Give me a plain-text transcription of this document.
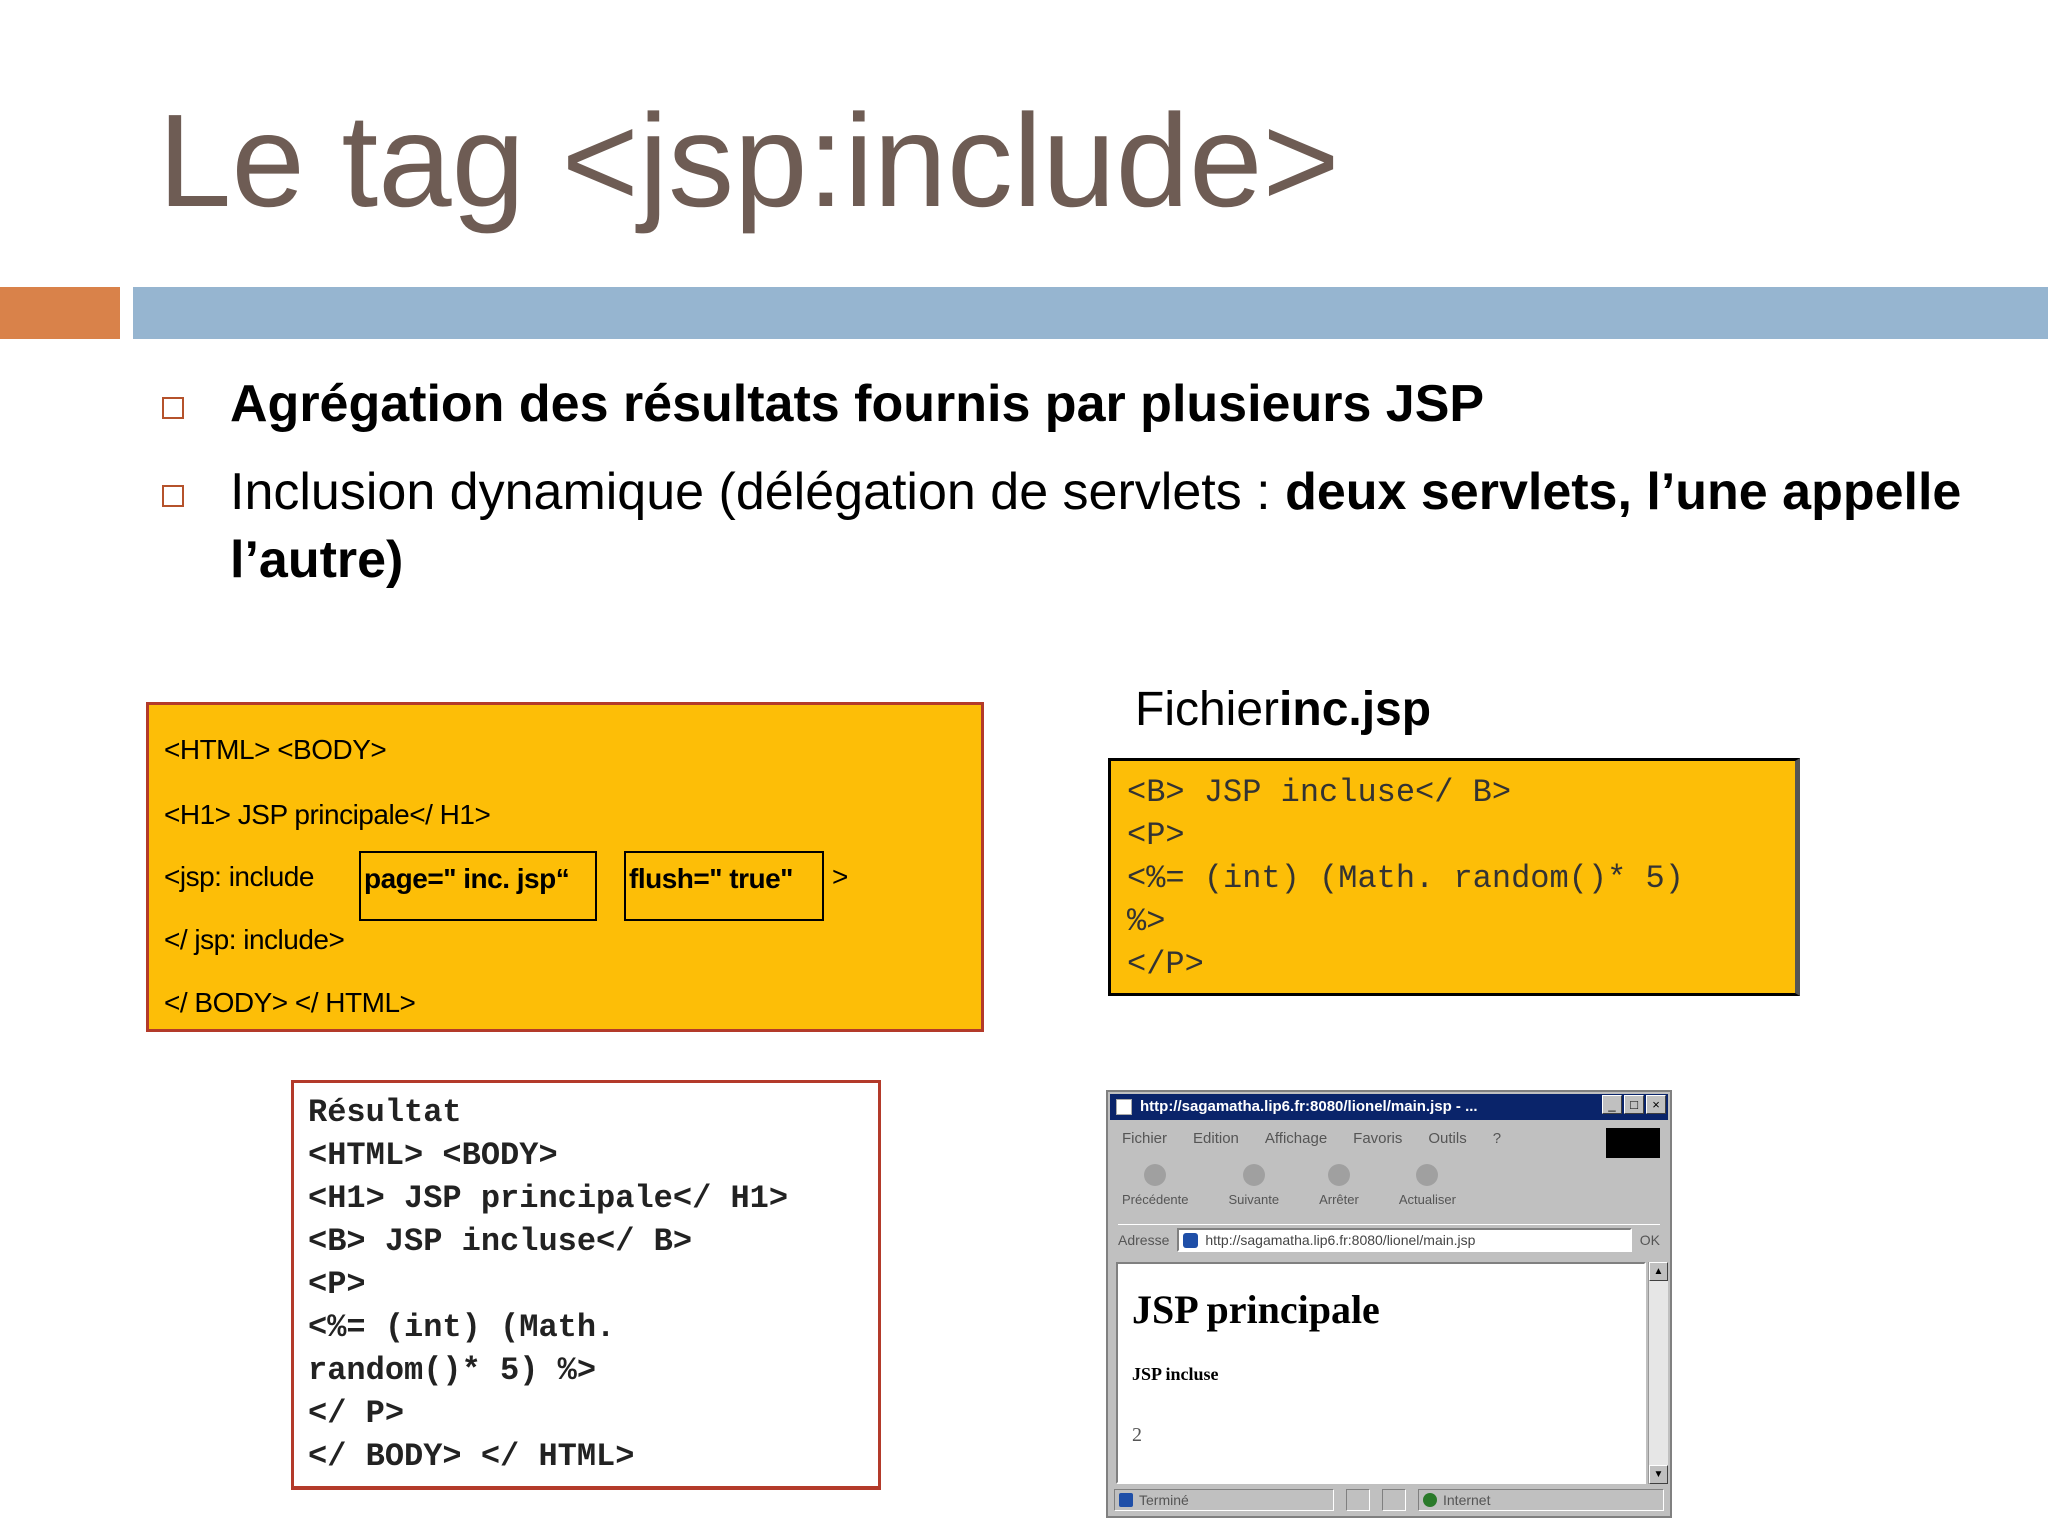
Le tag <jsp:include>
Agrégation des résultats fournis par plusieurs JSP
Inclusion dynamique (délégation de servlets : deux servlets, l’une appelle l’autre)
<HTML> <BODY>
<H1> JSP principale</ H1>
<jsp: include page=" inc. jsp“	flush=" true"	>
</ jsp: include>
</ BODY> </ HTML>
Fichierinc.jsp
<B> JSP incluse</ B>
<P>
<%= (int) (Math. random()* 5)
%>
</P>
Résultat
<HTML> <BODY>
<H1> JSP principale</ H1>
<B> JSP incluse</ B>
<P>
<%= (int) (Math.
random()* 5) %>
</ P>
</ BODY> </ HTML>
http://sagamatha.lip6.fr:8080/lionel/main.jsp - ...	_	□	×
Fichier Edition Affichage Favoris Outils ?
Précédente	Suivante	Arrêter	Actualiser
Adresse	http://sagamatha.lip6.fr:8080/lionel/main.jsp	OK
JSP principale
JSP incluse
2
▲
▼
Terminé	Internet
